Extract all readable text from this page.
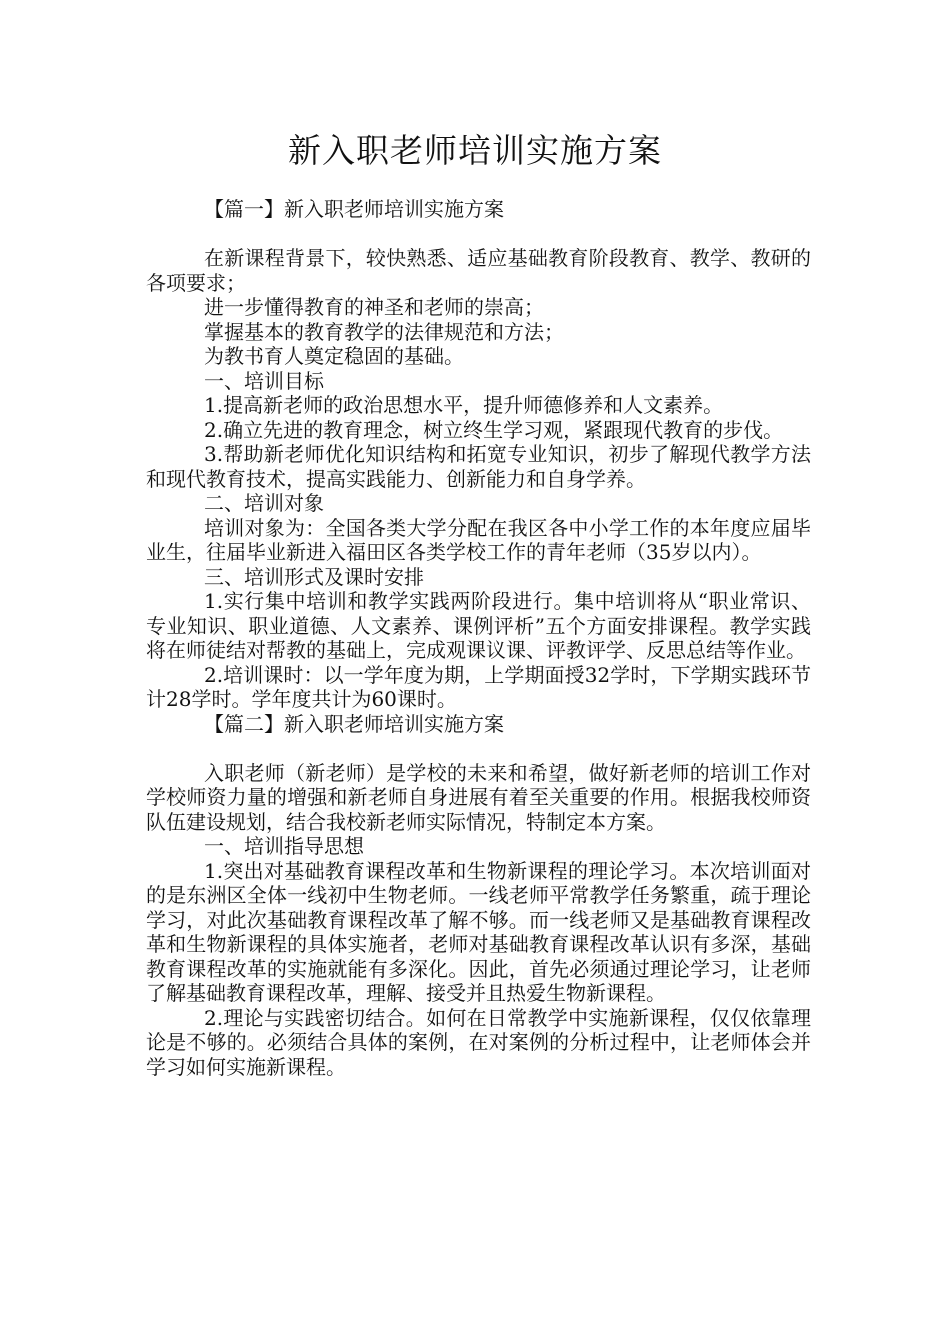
新入职老师培训实施方案

【篇一】新入职老师培训实施方案

在新课程背景下，较快熟悉、适应基础教育阶段教育、教学、教研的各项要求；

进一步懂得教育的神圣和老师的崇高；

掌握基本的教育教学的法律规范和方法；

为教书育人奠定稳固的基础。

一、培训目标

1.提高新老师的政治思想水平，提升师德修养和人文素养。

2.确立先进的教育理念，树立终生学习观，紧跟现代教育的步伐。

3.帮助新老师优化知识结构和拓宽专业知识，初步了解现代教学方法和现代教育技术，提高实践能力、创新能力和自身学养。

二、培训对象

培训对象为：全国各类大学分配在我区各中小学工作的本年度应届毕业生，往届毕业新进入福田区各类学校工作的青年老师（35岁以内）。

三、培训形式及课时安排

1.实行集中培训和教学实践两阶段进行。集中培训将从“职业常识、专业知识、职业道德、人文素养、课例评析”五个方面安排课程。教学实践将在师徒结对帮教的基础上，完成观课议课、评教评学、反思总结等作业。

2.培训课时：以一学年度为期，上学期面授32学时，下学期实践环节计28学时。学年度共计为60课时。

【篇二】新入职老师培训实施方案

入职老师（新老师）是学校的未来和希望，做好新老师的培训工作对学校师资力量的增强和新老师自身进展有着至关重要的作用。根据我校师资队伍建设规划，结合我校新老师实际情况，特制定本方案。

一、培训指导思想

1.突出对基础教育课程改革和生物新课程的理论学习。本次培训面对的是东洲区全体一线初中生物老师。一线老师平常教学任务繁重，疏于理论学习，对此次基础教育课程改革了解不够。而一线老师又是基础教育课程改革和生物新课程的具体实施者，老师对基础教育课程改革认识有多深，基础教育课程改革的实施就能有多深化。因此，首先必须通过理论学习，让老师了解基础教育课程改革，理解、接受并且热爱生物新课程。

2.理论与实践密切结合。如何在日常教学中实施新课程，仅仅依靠理论是不够的。必须结合具体的案例，在对案例的分析过程中，让老师体会并学习如何实施新课程。
